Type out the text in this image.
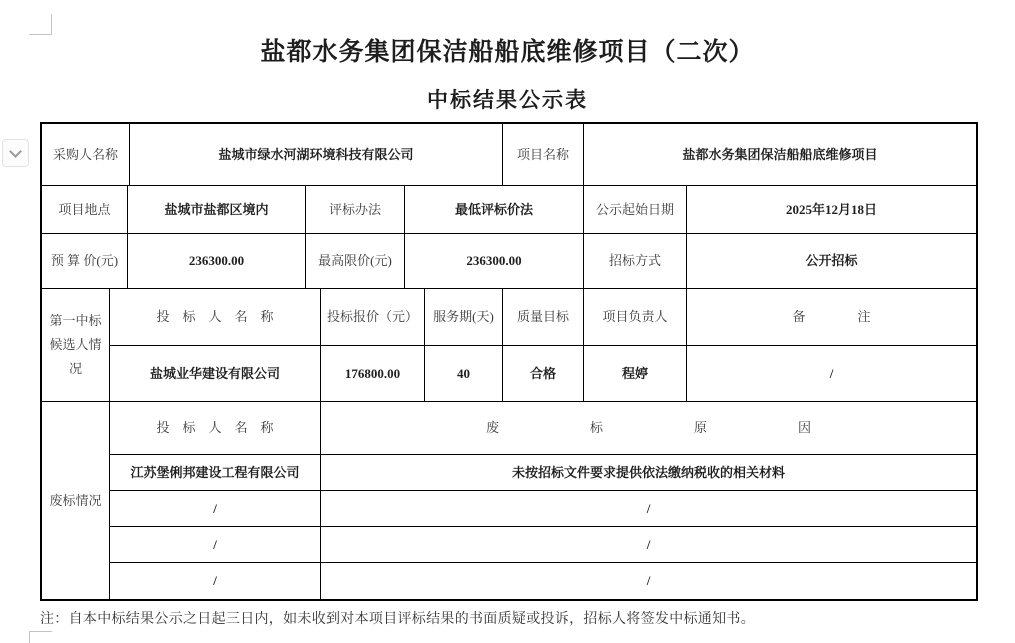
盐都水务集团保洁船船底维修项目（二次）
中标结果公示表
采购人名称	盐城市绿水河湖环境科技有限公司	项目名称	盐都水务集团保洁船船底维修项目
项目地点	盐城市盐都区境内	评标办法	最低评标价法	公示起始日期	2025年12月18日
预 算 价(元)	236300.00	最高限价(元)	236300.00	招标方式	公开招标
第一中标候选人情况
投　标　人　名　称	投标报价（元）	服务期(天)	质量目标	项目负责人	备　　　　注
盐城业华建设有限公司	176800.00	40	合格	程婷	/
废标情况
投　标　人　名　称	废　　　　　　　标　　　　　　　原　　　　　　　因
江苏堡俐邦建设工程有限公司	未按招标文件要求提供依法缴纳税收的相关材料
/	/
/	/
/	/
注：自本中标结果公示之日起三日内，如未收到对本项目评标结果的书面质疑或投诉，招标人将签发中标通知书。
